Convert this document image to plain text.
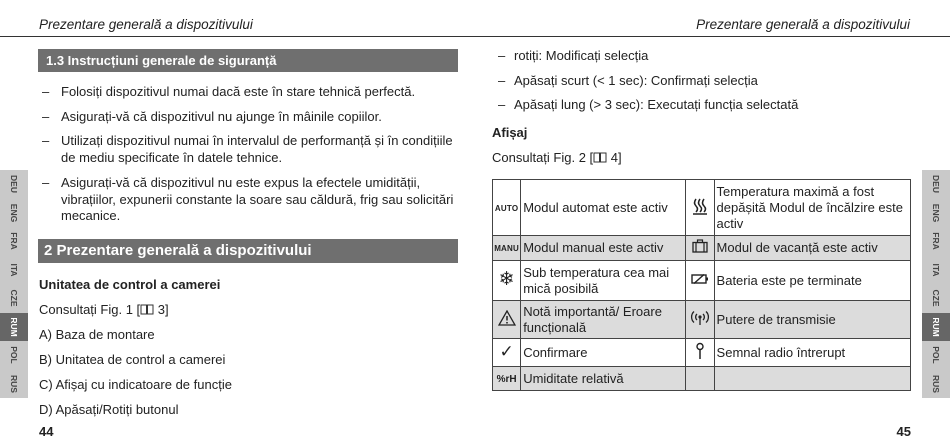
Prezentare generală a dispozitivului	Prezentare generală a dispozitivului
1.3 Instrucțiuni generale de siguranță
– Folosiți dispozitivul numai dacă este în stare tehnică perfectă.
– Asigurați-vă că dispozitivul nu ajunge în mâinile copiilor.
– Utilizați dispozitivul numai în intervalul de performanță și în condițiile de mediu specificate în datele tehnice.
– Asigurați-vă că dispozitivul nu este expus la efectele umidității, vibrațiilor, expunerii constante la soare sau căldură, frig sau solicitări mecanice.
2 Prezentare generală a dispozitivului
Unitatea de control a camerei
Consultați Fig. 1 [ 3]
A) Baza de montare
B) Unitatea de control a camerei
C) Afișaj cu indicatoare de funcție
D) Apăsați/Rotiți butonul
– rotiți: Modificați selecția
– Apăsați scurt (< 1 sec): Confirmați selecția
– Apăsați lung (> 3 sec): Executați funcția selectată
Afișaj
Consultați Fig. 2 [ 4]
AUTO	Modul automat este activ		Temperatura maximă a fost depășită Modul de încălzire este activ
MANU	Modul manual este activ		Modul de vacanță este activ
❄	Sub temperatura cea mai mică posibilă		Bateria este pe terminate
	Notă importantă/ Eroare funcțională		Putere de transmisie
✓	Confirmare		Semnal radio întrerupt
%rH	Umiditate relativă		
DEU
ENG
FRA
ITA
CZE
RUM
POL
RUS
DEU
ENG
FRA
ITA
CZE
RUM
POL
RUS
44	45
